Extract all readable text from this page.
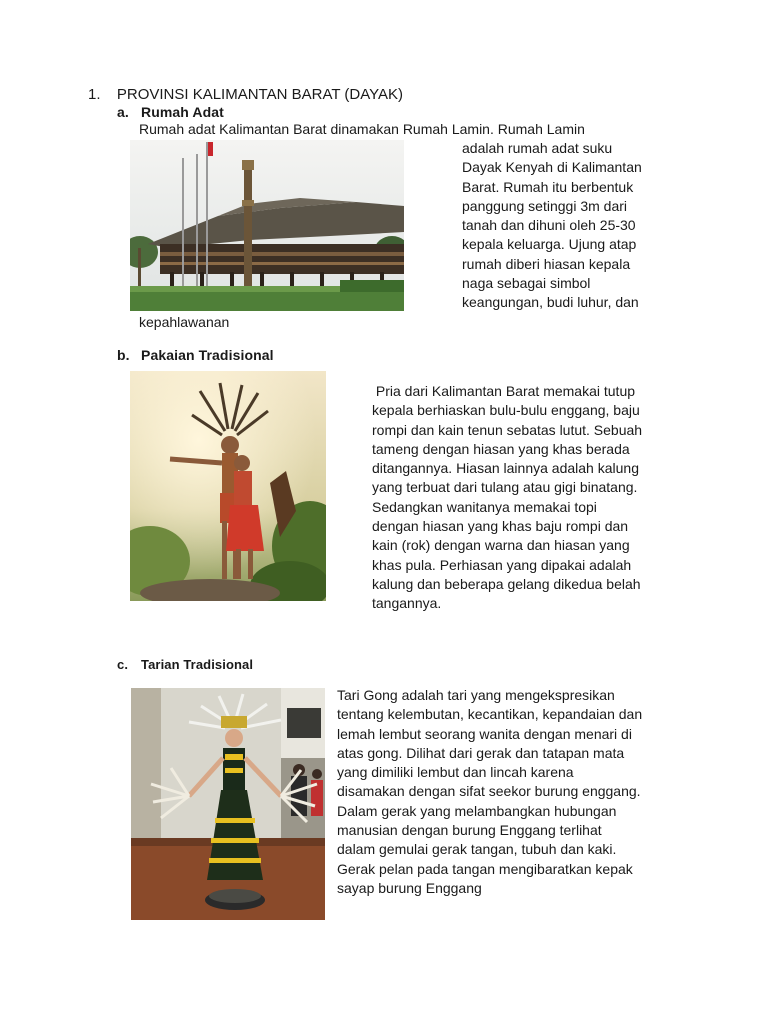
1. PROVINSI KALIMANTAN BARAT (DAYAK)
a. Rumah Adat
Rumah adat Kalimantan Barat dinamakan Rumah Lamin. Rumah Lamin
adalah rumah adat suku
Dayak Kenyah di Kalimantan
Barat. Rumah itu berbentuk
panggung setinggi 3m dari
tanah dan dihuni oleh 25-30
kepala keluarga. Ujung atap
rumah diberi hiasan kepala
naga sebagai simbol
keangungan, budi luhur, dan
kepahlawanan
b. Pakaian Tradisional
Pria dari Kalimantan Barat memakai tutup
kepala berhiaskan bulu-bulu enggang, baju
rompi dan kain tenun sebatas lutut. Sebuah
tameng dengan hiasan yang khas berada
ditangannya. Hiasan lainnya adalah kalung
yang terbuat dari tulang atau gigi binatang.
Sedangkan wanitanya memakai topi
dengan hiasan yang khas baju rompi dan
kain (rok) dengan warna dan hiasan yang
khas pula. Perhiasan yang dipakai adalah
kalung dan beberapa gelang dikedua belah
tangannya.
c. Tarian Tradisional
Tari Gong adalah tari yang mengekspresikan
tentang kelembutan, kecantikan, kepandaian dan
lemah lembut seorang wanita dengan menari di
atas gong. Dilihat dari gerak dan tatapan mata
yang dimiliki lembut dan lincah karena
disamakan dengan sifat seekor burung enggang.
Dalam gerak yang melambangkan hubungan
manusian dengan burung Enggang terlihat
dalam gemulai gerak tangan, tubuh dan kaki.
Gerak pelan pada tangan mengibaratkan kepak
sayap burung Enggang
